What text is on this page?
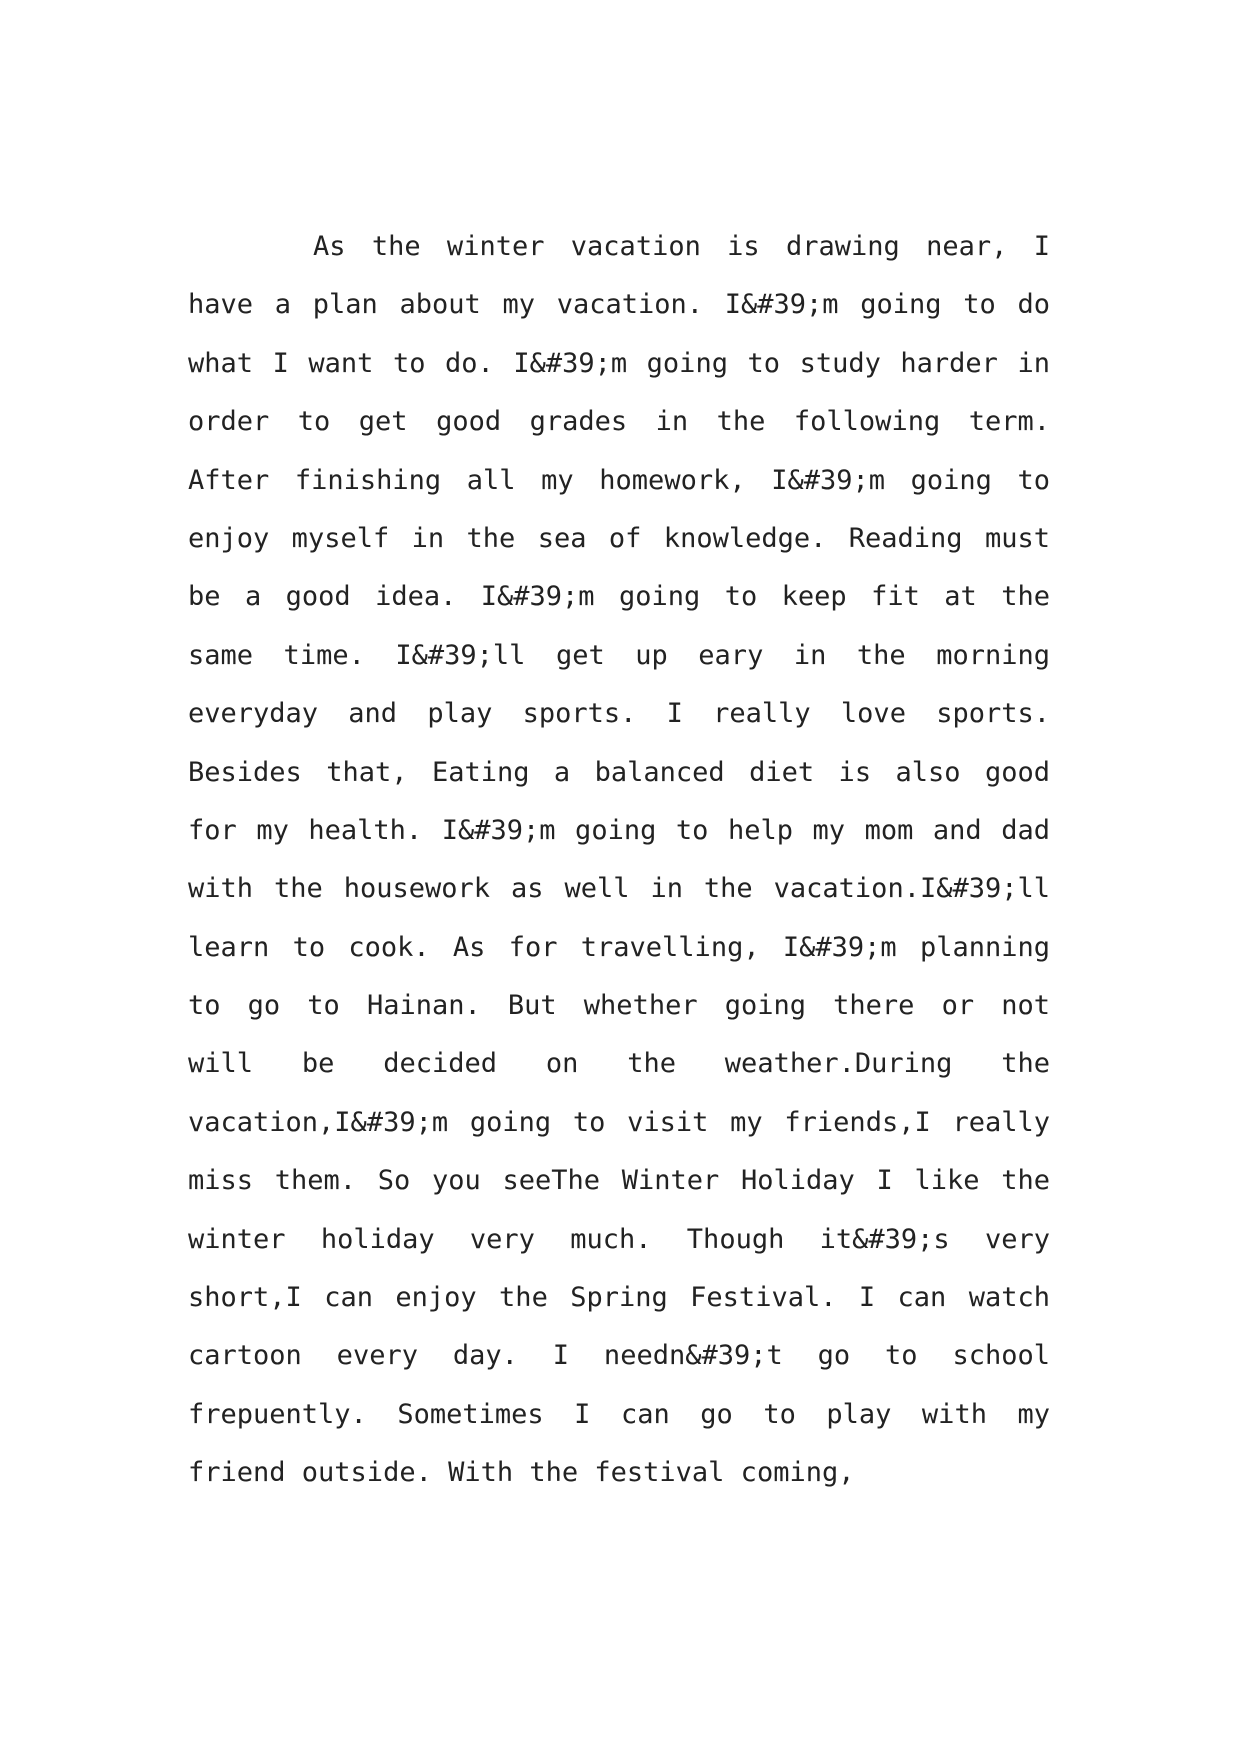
As the winter vacation is drawing near, I
have a plan about my vacation. I&#39;m going to do
what I want to do. I&#39;m going to study harder in
order to get good grades in the following term.
After finishing all my homework, I&#39;m going to
enjoy myself in the sea of knowledge. Reading must
be a good idea. I&#39;m going to keep fit at the
same time. I&#39;ll get up eary in the morning
everyday and play sports. I really love sports.
Besides that, Eating a balanced diet is also good
for my health. I&#39;m going to help my mom and dad
with the housework as well in the vacation.I&#39;ll
learn to cook. As for travelling, I&#39;m planning
to go to Hainan. But whether going there or not
will be decided on the weather.During the
vacation,I&#39;m going to visit my friends,I really
miss them. So you seeThe Winter Holiday I like the
winter holiday very much. Though it&#39;s very
short,I can enjoy the Spring Festival. I can watch
cartoon every day. I needn&#39;t go to school
frepuently. Sometimes I can go to play with my
friend outside. With the festival coming,
